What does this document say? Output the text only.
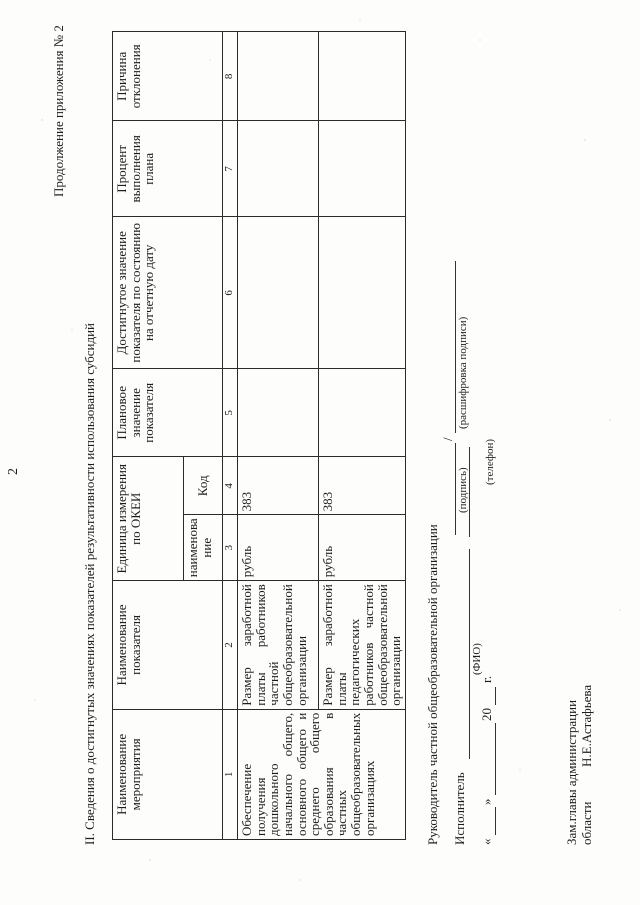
2
Продолжение приложения № 2
II. Сведения о достигнутых значениях показателей результативности использования субсидий Наименование мероприятия	Наименование показателя	Единица измерения по ОКЕИ		Плановое значение показателя	Достигнутое значение показателя по состоянию на отчетную дату	Процент выполнения плана	Причина отклонения
		наименова ние	Код				
1	2	3	4	5	6	7	8
Обеспечение получения дошкольного начального общего, основного общего и среднего общего образования в частных общеобразовательных организациях	Размер заработной платы работников частной общеобразовательной организации	рубль	383				
	Размер заработной платы педагогических работников частной общеобразовательной организации	рубль	383				
Руководитель частной общеобразовательной организации
/
(подпись)
(расшифровка подписи)
Исполнитель
(ФИО)
(телефон)
«
»
20
г.
Зам.главы администрации области
Н.Е.Астафьева
